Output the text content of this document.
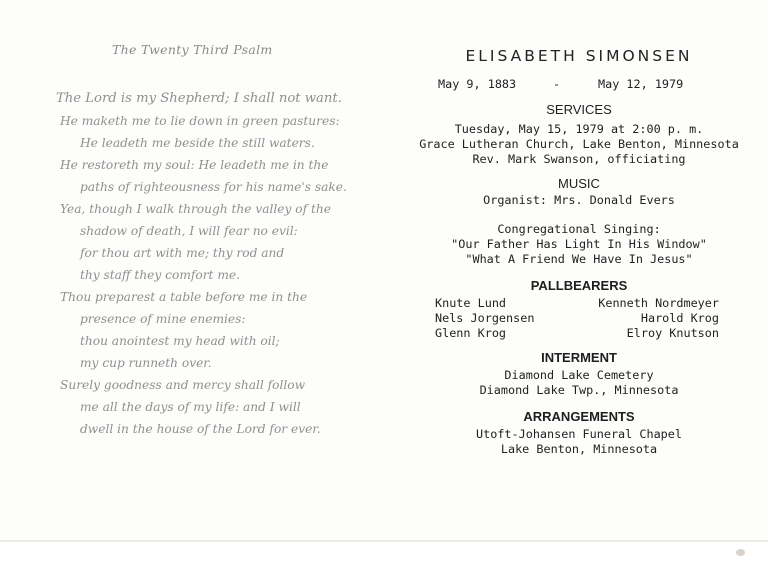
The Twenty Third Psalm
The Lord is my Shepherd; I shall not want.
He maketh me to lie down in green pastures:
He leadeth me beside the still waters.
He restoreth my soul: He leadeth me in the
paths of righteousness for his name's sake.
Yea, though I walk through the valley of the
shadow of death, I will fear no evil:
for thou art with me; thy rod and
thy staff they comfort me.
Thou preparest a table before me in the
presence of mine enemies:
thou anointest my head with oil;
my cup runneth over.
Surely goodness and mercy shall follow
me all the days of my life: and I will
dwell in the house of the Lord for ever.
ELISABETH SIMONSEN
May 9, 1883	-	May 12, 1979
SERVICES
Tuesday, May 15, 1979 at 2:00 p. m.
Grace Lutheran Church, Lake Benton, Minnesota
Rev. Mark Swanson, officiating
MUSIC
Organist: Mrs. Donald Evers
Congregational Singing:
"Our Father Has Light In His Window"
"What A Friend We Have In Jesus"
PALLBEARERS
Knute Lund
Nels Jorgensen
Glenn Krog
Kenneth Nordmeyer
Harold Krog
Elroy Knutson
INTERMENT
Diamond Lake Cemetery
Diamond Lake Twp., Minnesota
ARRANGEMENTS
Utoft-Johansen Funeral Chapel
Lake Benton, Minnesota
